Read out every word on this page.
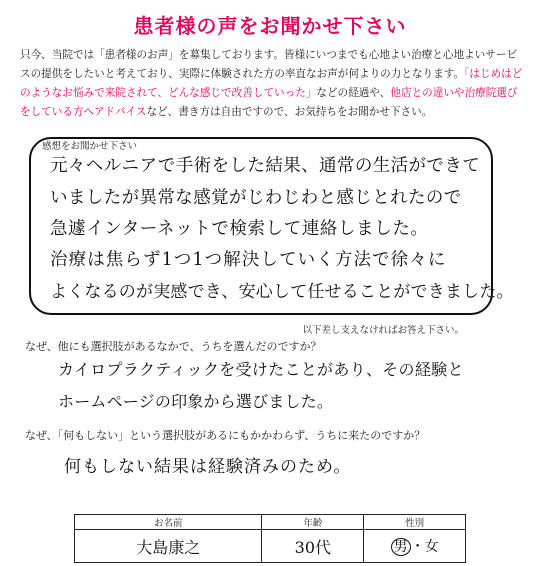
患者様の声をお聞かせ下さい
只今、当院では「患者様のお声」を募集しております。皆様にいつまでも心地よい治療と心地よいサービスの提供をしたいと考えており、実際に体験された方の率直なお声が何よりの力となります。「はじめはどのようなお悩みで来院されて、どんな感じで改善していった」などの経過や、他店との違いや治療院選びをしている方へアドバイスなど、書き方は自由ですので、お気持ちをお聞かせ下さい。
感想をお聞かせ下さい
元々ヘルニアで手術をした結果、通常の生活ができて
いましたが異常な感覚がじわじわと感じとれたので
急遽インターネットで検索して連絡しました。
治療は焦らず1つ1つ解決していく方法で徐々に
よくなるのが実感でき、安心して任せることができました。
以下差し支えなければお答え下さい。
なぜ、他にも選択肢があるなかで、うちを選んだのですか？
カイロプラクティックを受けたことがあり、その経験と
ホームページの印象から選びました。
なぜ、「何もしない」という選択肢があるにもかかわらず、うちに来たのですか？
何もしない結果は経験済みのため。
お名前	年齢	性別
大島康之	30代	男 ・女
